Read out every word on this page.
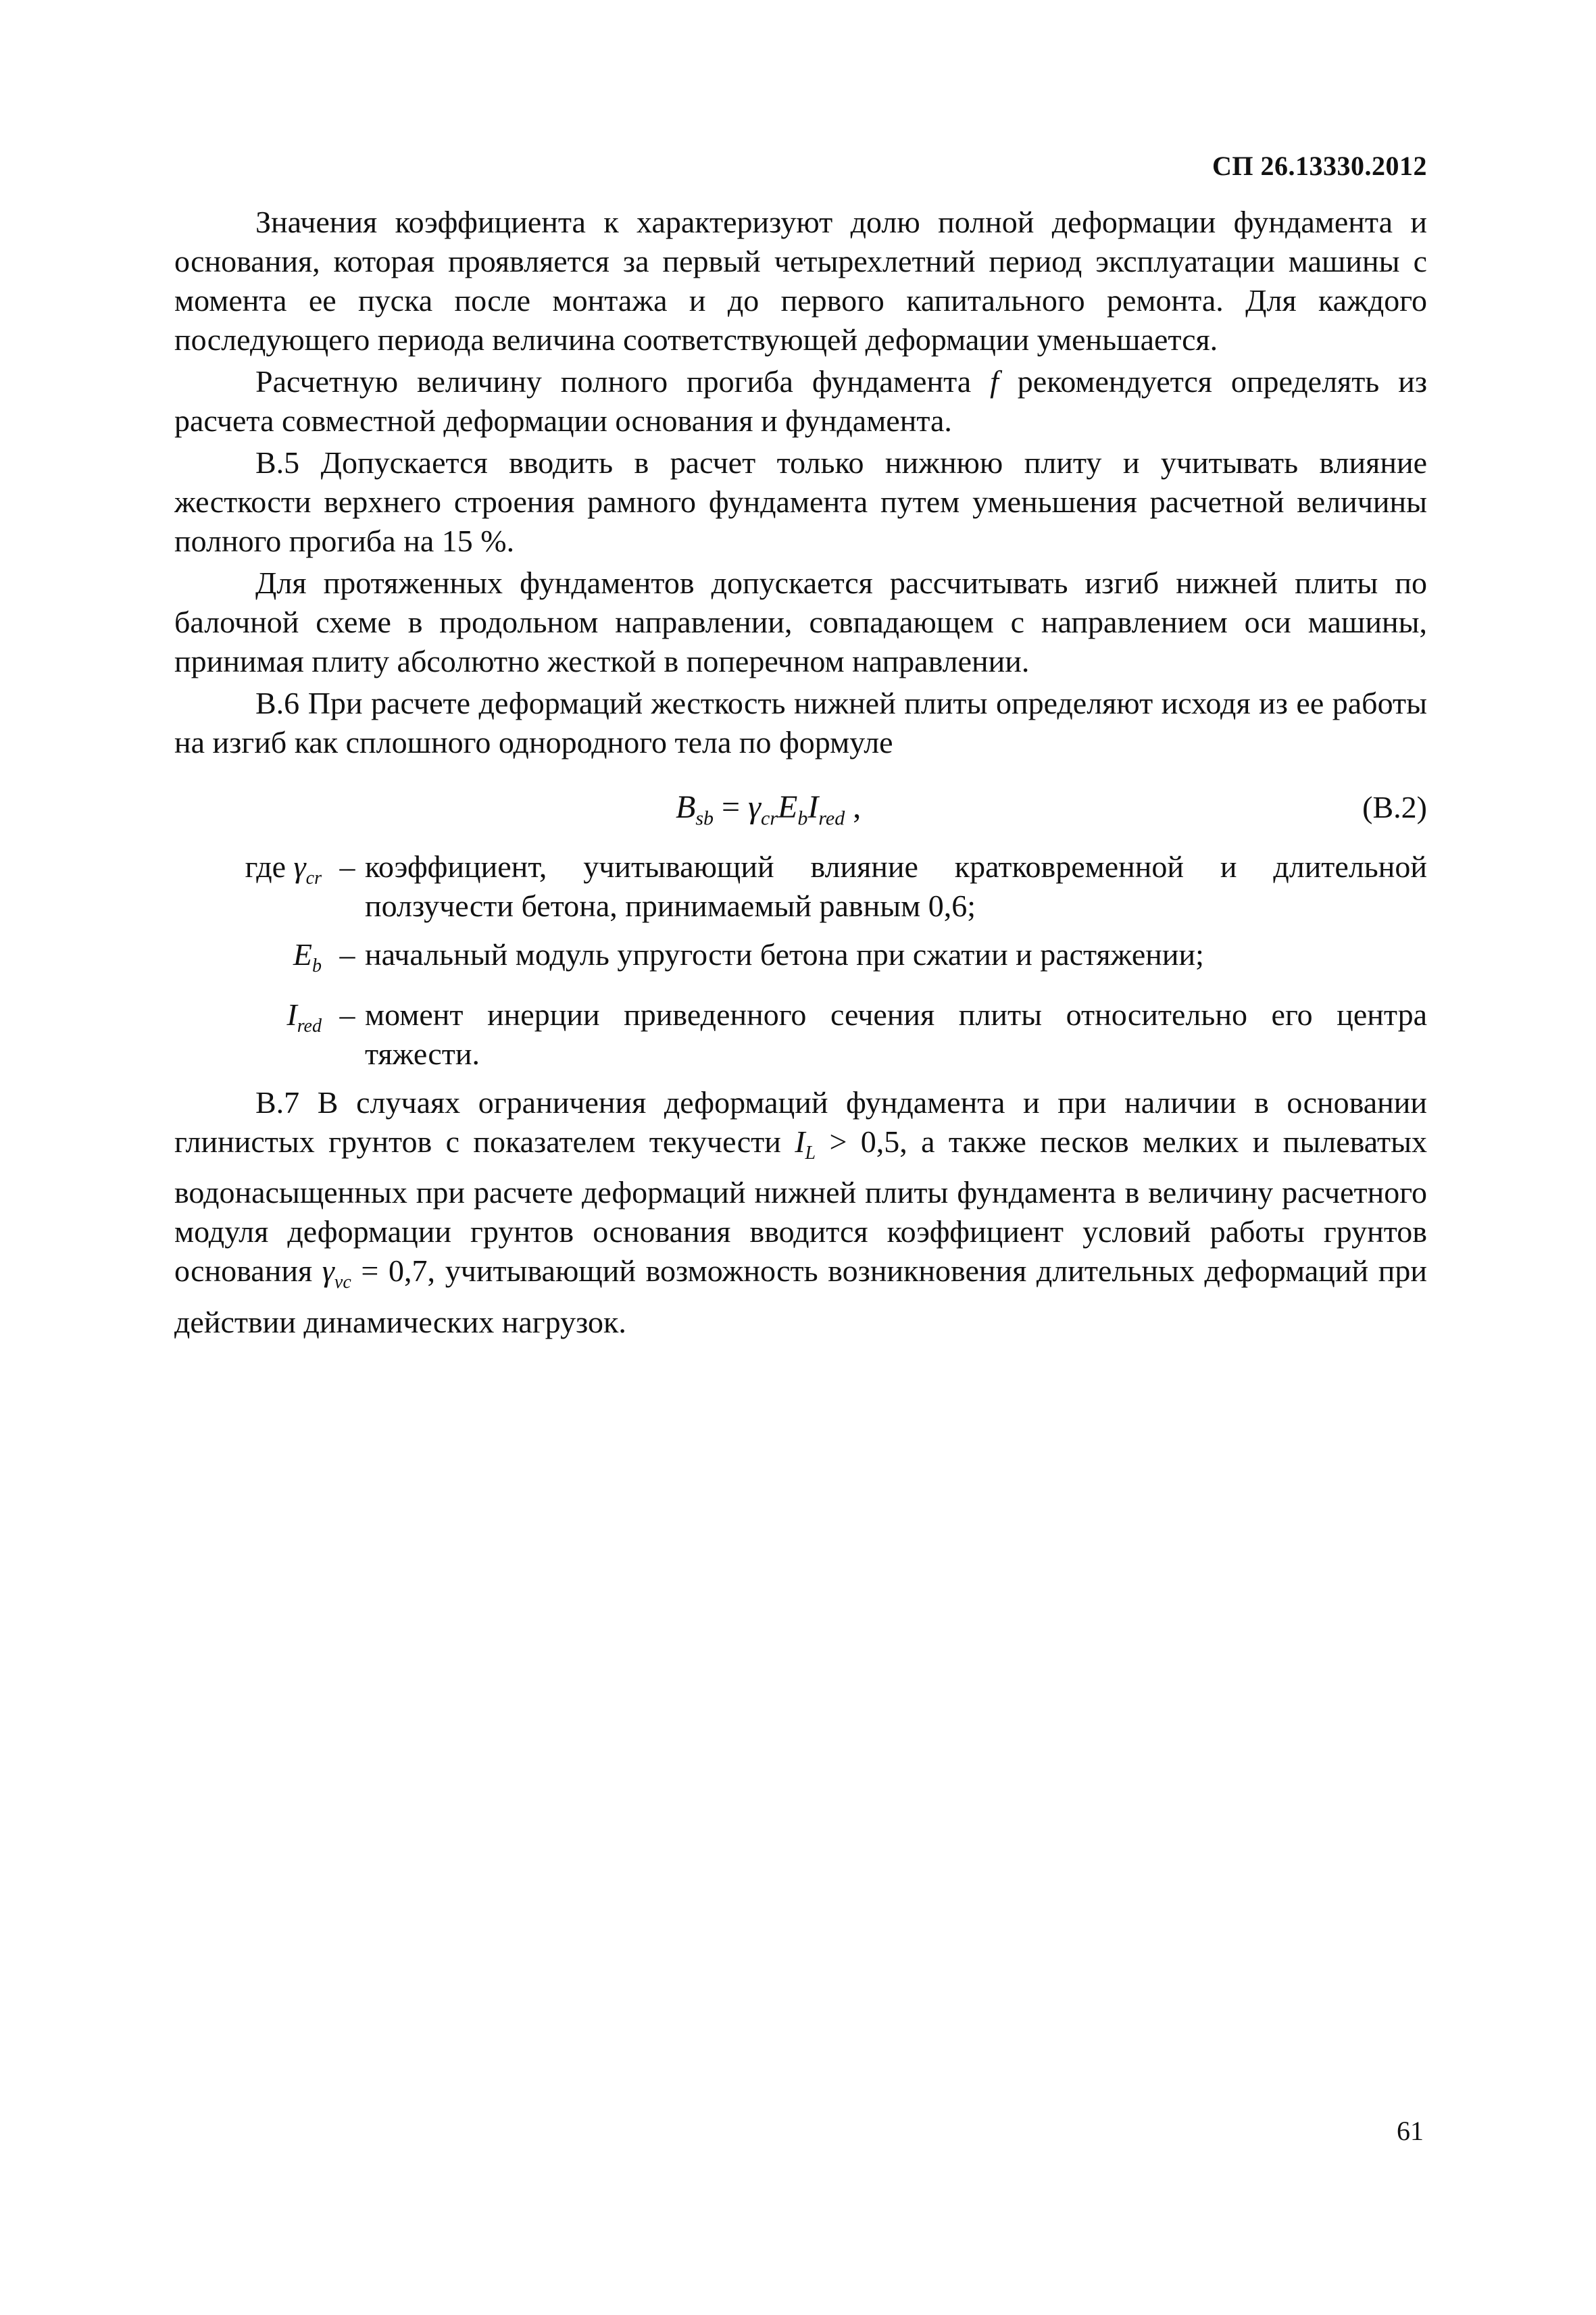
СП 26.13330.2012

Значения коэффициента к характеризуют долю полной деформации фундамента и основания, которая проявляется за первый четырехлетний период эксплуатации машины с момента ее пуска после монтажа и до первого капитального ремонта. Для каждого последующего периода величина соответствующей деформации уменьшается.

Расчетную величину полного прогиба фундамента f рекомендуется определять из расчета совместной деформации основания и фундамента.

В.5 Допускается вводить в расчет только нижнюю плиту и учитывать влияние жесткости верхнего строения рамного фундамента путем уменьшения расчетной величины полного прогиба на 15 %.

Для протяженных фундаментов допускается рассчитывать изгиб нижней плиты по балочной схеме в продольном направлении, совпадающем с направлением оси машины, принимая плиту абсолютно жесткой в поперечном направлении.

В.6 При расчете деформаций жесткость нижней плиты определяют исходя из ее работы на изгиб как сплошного однородного тела по формуле

$B_{sb} = \gamma_{cr}E_bI_{red}$ ,	(В.2)
где $\gamma_{cr}$ – коэффициент, учитывающий влияние кратковременной и длительной ползучести бетона, принимаемый равным 0,6;
$E_b$ – начальный модуль упругости бетона при сжатии и растяжении;
$I_{red}$ – момент инерции приведенного сечения плиты относительно его центра тяжести.

В.7 В случаях ограничения деформаций фундамента и при наличии в основании глинистых грунтов с показателем текучести $I_L > 0,5$, а также песков мелких и пылеватых водонасыщенных при расчете деформаций нижней плиты фундамента в величину расчетного модуля деформации грунтов основания вводится коэффициент условий работы грунтов основания $\gamma_{vc} = 0,7$, учитывающий возможность возникновения длительных деформаций при действии динамических нагрузок.

61
